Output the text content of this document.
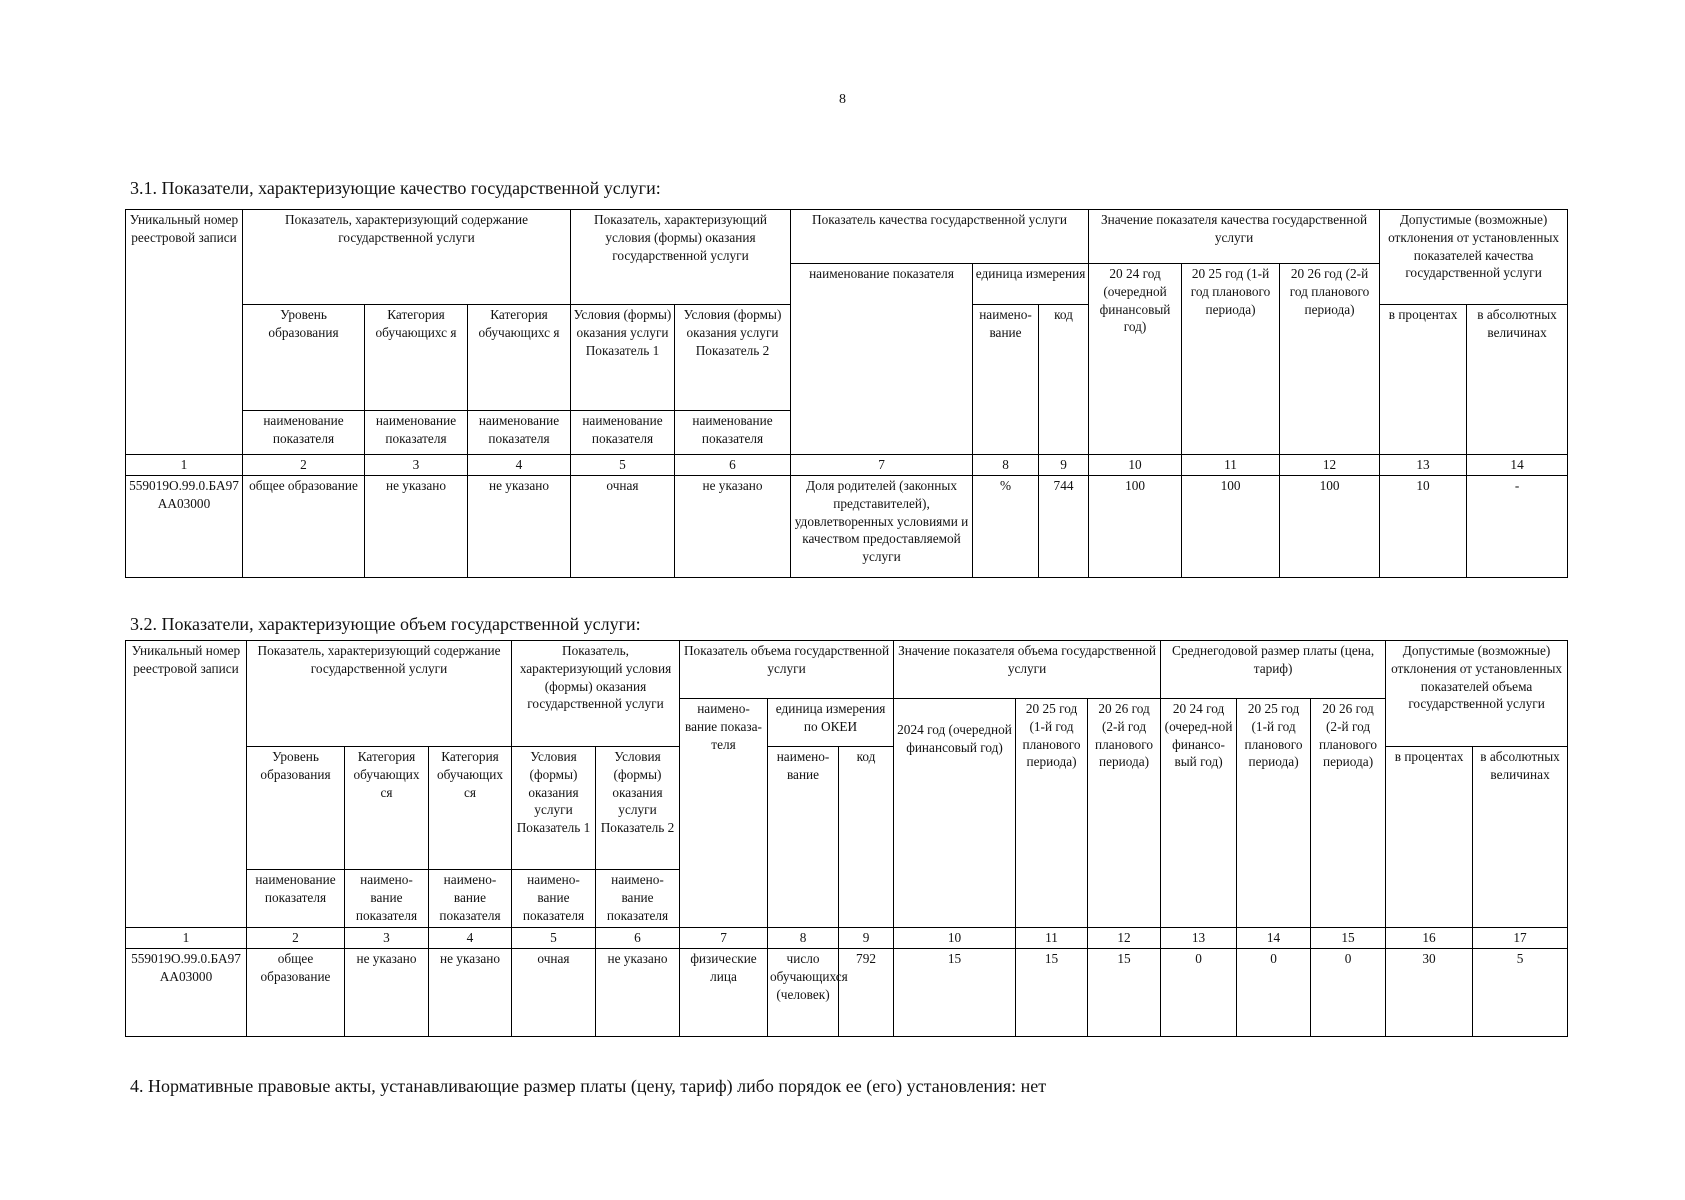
8
3.1. Показатели, характеризующие качество государственной услуги:
Уникальный номер реестровой записи	Показатель, характеризующий содержание государственной услуги			Показатель, характеризующий условия (формы) оказания государственной услуги		Показатель качества государственной услуги			Значение показателя качества государственной услуги			Допустимые (возможные) отклонения от установленных показателей качества государственной услуги	
						наименование показателя	единица измерения		20 24 год (очередной финансовый год)	20 25 год (1-й год планового периода)	20 26 год (2-й год планового периода)		
	Уровень образования	Категория обучающихс я	Категория обучающихс я	Условия (формы) оказания услуги Показатель 1	Условия (формы) оказания услуги Показатель 2		наимено-вание	код				в процентах	в абсолютных величинах
	наименование показателя	наименование показателя	наименование показателя	наименование показателя	наименование показателя								
1	2	3	4	5	6	7	8	9	10	11	12	13	14
559019О.99.0.БА97АА03000	общее образование	не указано	не указано	очная	не указано	Доля родителей (законных представителей), удовлетворенных условиями и качеством предоставляемой услуги	%	744	100	100	100	10	-
3.2. Показатели, характеризующие объем государственной услуги:
Уникальный номер реестровой записи	Показатель, характеризующий содержание государственной услуги			Показатель, характеризующий условия (формы) оказания государственной услуги		Показатель объема государственной услуги			Значение показателя объема государственной услуги			Среднегодовой размер платы (цена, тариф)			Допустимые (возможные) отклонения от установленных показателей объема государственной услуги	
						наимено-вание показа-теля	единица измерения по ОКЕИ		2024 год (очередной финансовый год)	20 25 год (1-й год планового периода)	20 26 год (2-й год планового периода)	20 24 год (очеред-ной финансо-вый год)	20 25 год (1-й год планового периода)	20 26 год (2-й год планового периода)		
	Уровень образования	Категория обучающих ся	Категория обучающих ся	Условия (формы) оказания услуги Показатель 1	Условия (формы) оказания услуги Показатель 2		наимено-вание	код							в процентах	в абсолютных величинах
	наименование показателя	наимено-вание показателя	наимено-вание показателя	наимено-вание показателя	наимено-вание показателя											
1	2	3	4	5	6	7	8	9	10	11	12	13	14	15	16	17
559019О.99.0.БА97АА03000	общее образование	не указано	не указано	очная	не указано	физические лица	число обучающихся (человек)	792	15	15	15	0	0	0	30	5
4. Нормативные правовые акты, устанавливающие размер платы (цену, тариф) либо порядок ее (его) установления: нет
